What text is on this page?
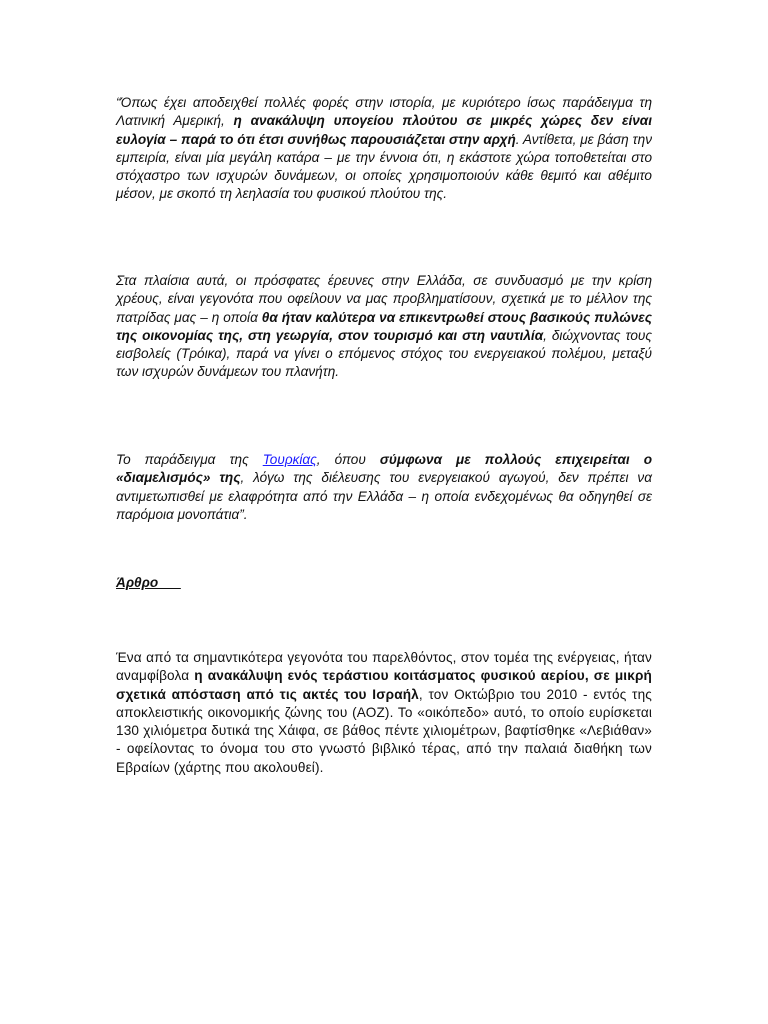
“Όπως έχει αποδειχθεί πολλές φορές στην ιστορία, με κυριότερο ίσως παράδειγμα τη Λατινική Αμερική, η ανακάλυψη υπογείου πλούτου σε μικρές χώρες δεν είναι ευλογία – παρά το ότι έτσι συνήθως παρουσιάζεται στην αρχή. Αντίθετα, με βάση την εμπειρία, είναι μία μεγάλη κατάρα – με την έννοια ότι, η εκάστοτε χώρα τοποθετείται στο στόχαστρο των ισχυρών δυνάμεων, οι οποίες χρησιμοποιούν κάθε θεμιτό και αθέμιτο μέσον, με σκοπό τη λεηλασία του φυσικού πλούτου της.

Στα πλαίσια αυτά, οι πρόσφατες έρευνες στην Ελλάδα, σε συνδυασμό με την κρίση χρέους, είναι γεγονότα που οφείλουν να μας προβληματίσουν, σχετικά με το μέλλον της πατρίδας μας – η οποία θα ήταν καλύτερα να επικεντρωθεί στους βασικούς πυλώνες της οικονομίας της, στη γεωργία, στον τουρισμό και στη ναυτιλία, διώχνοντας τους εισβολείς (Τρόικα), παρά να γίνει ο επόμενος στόχος του ενεργειακού πολέμου, μεταξύ των ισχυρών δυνάμεων του πλανήτη.

Το παράδειγμα της Τουρκίας, όπου σύμφωνα με πολλούς επιχειρείται ο «διαμελισμός» της, λόγω της διέλευσης του ενεργειακού αγωγού, δεν πρέπει να αντιμετωπισθεί με ελαφρότητα από την Ελλάδα – η οποία ενδεχομένως θα οδηγηθεί σε παρόμοια μονοπάτια”.

Άρθρο

Ένα από τα σημαντικότερα γεγονότα του παρελθόντος, στον τομέα της ενέργειας, ήταν αναμφίβολα η ανακάλυψη ενός τεράστιου κοιτάσματος φυσικού αερίου, σε μικρή σχετικά απόσταση από τις ακτές του Ισραήλ, τον Οκτώβριο του 2010 - εντός της αποκλειστικής οικονομικής ζώνης του (ΑΟΖ). Το «οικόπεδο» αυτό, το οποίο ευρίσκεται 130 χιλιόμετρα δυτικά της Χάιφα, σε βάθος πέντε χιλιομέτρων, βαφτίσθηκε «Λεβιάθαν» - οφείλοντας το όνομα του στο γνωστό βιβλικό τέρας, από την παλαιά διαθήκη των Εβραίων (χάρτης που ακολουθεί).
